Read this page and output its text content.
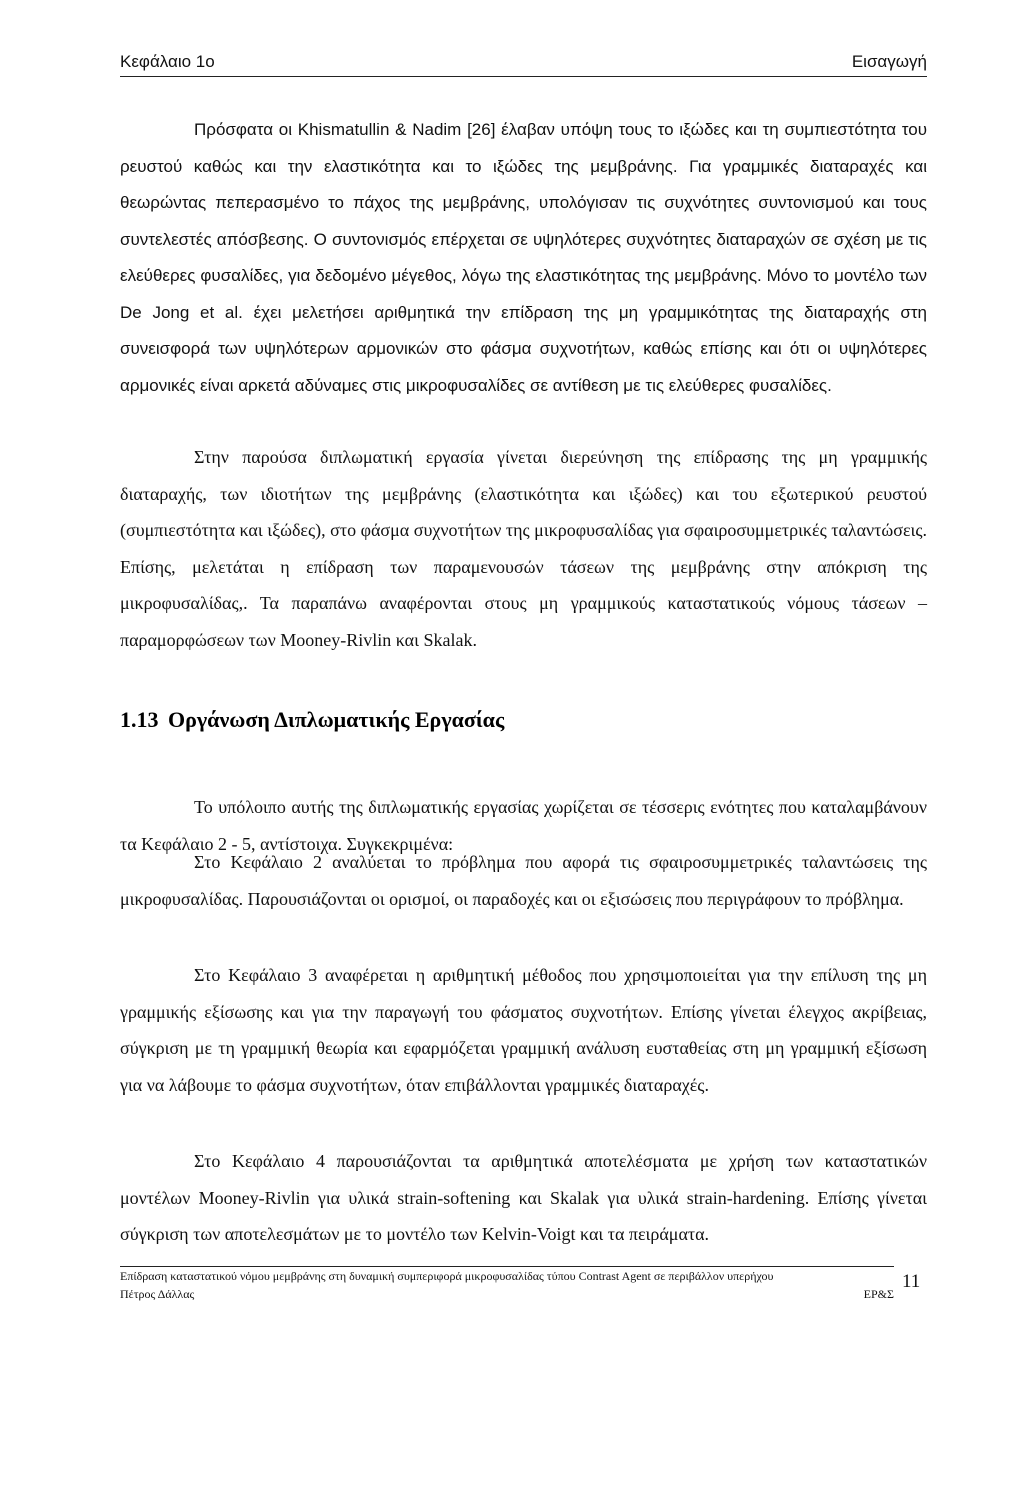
Κεφάλαιο 1ο	Εισαγωγή

Πρόσφατα οι Khismatullin & Nadim [26] έλαβαν υπόψη τους το ιξώδες και τη συμπιεστότητα του ρευστού καθώς και την ελαστικότητα και το ιξώδες της μεμβράνης. Για γραμμικές διαταραχές και θεωρώντας πεπερασμένο το πάχος της μεμβράνης, υπολόγισαν τις συχνότητες συντονισμού και τους συντελεστές απόσβεσης. Ο συντονισμός επέρχεται σε υψηλότερες συχνότητες διαταραχών σε σχέση με τις ελεύθερες φυσαλίδες, για δεδομένο μέγεθος, λόγω της ελαστικότητας της μεμβράνης. Μόνο το μοντέλο των De Jong et al. έχει μελετήσει αριθμητικά την επίδραση της μη γραμμικότητας της διαταραχής στη συνεισφορά των υψηλότερων αρμονικών στο φάσμα συχνοτήτων, καθώς επίσης και ότι οι υψηλότερες αρμονικές είναι αρκετά αδύναμες στις μικροφυσαλίδες σε αντίθεση με τις ελεύθερες φυσαλίδες.

Στην παρούσα διπλωματική εργασία γίνεται διερεύνηση της επίδρασης της μη γραμμικής διαταραχής, των ιδιοτήτων της μεμβράνης (ελαστικότητα και ιξώδες) και του εξωτερικού ρευστού (συμπιεστότητα και ιξώδες), στο φάσμα συχνοτήτων της μικροφυσαλίδας για σφαιροσυμμετρικές ταλαντώσεις. Επίσης, μελετάται η επίδραση των παραμενουσών τάσεων της μεμβράνης στην απόκριση της μικροφυσαλίδας,. Τα παραπάνω αναφέρονται στους μη γραμμικούς καταστατικούς νόμους τάσεων – παραμορφώσεων των Mooney-Rivlin και Skalak.

1.13 Οργάνωση Διπλωματικής Εργασίας

Το υπόλοιπο αυτής της διπλωματικής εργασίας χωρίζεται σε τέσσερις ενότητες που καταλαμβάνουν τα Κεφάλαιο 2 - 5, αντίστοιχα. Συγκεκριμένα:

Στο Κεφάλαιο 2 αναλύεται το πρόβλημα που αφορά τις σφαιροσυμμετρικές ταλαντώσεις της μικροφυσαλίδας. Παρουσιάζονται οι ορισμοί, οι παραδοχές και οι εξισώσεις που περιγράφουν το πρόβλημα.

Στο Κεφάλαιο 3 αναφέρεται η αριθμητική μέθοδος που χρησιμοποιείται για την επίλυση της μη γραμμικής εξίσωσης και για την παραγωγή του φάσματος συχνοτήτων. Επίσης γίνεται έλεγχος ακρίβειας, σύγκριση με τη γραμμική θεωρία και εφαρμόζεται γραμμική ανάλυση ευσταθείας στη μη γραμμική εξίσωση για να λάβουμε το φάσμα συχνοτήτων, όταν επιβάλλονται γραμμικές διαταραχές.

Στο Κεφάλαιο 4 παρουσιάζονται τα αριθμητικά αποτελέσματα με χρήση των καταστατικών μοντέλων Mooney-Rivlin για υλικά strain-softening και Skalak για υλικά strain-hardening. Επίσης γίνεται σύγκριση των αποτελεσμάτων με το μοντέλο των Kelvin-Voigt και τα πειράματα.

Επίδραση καταστατικού νόμου μεμβράνης στη δυναμική συμπεριφορά μικροφυσαλίδας τύπου Contrast Agent σε περιβάλλον υπερήχου
Πέτρος Δάλλας	ΕΡ&Σ
11
